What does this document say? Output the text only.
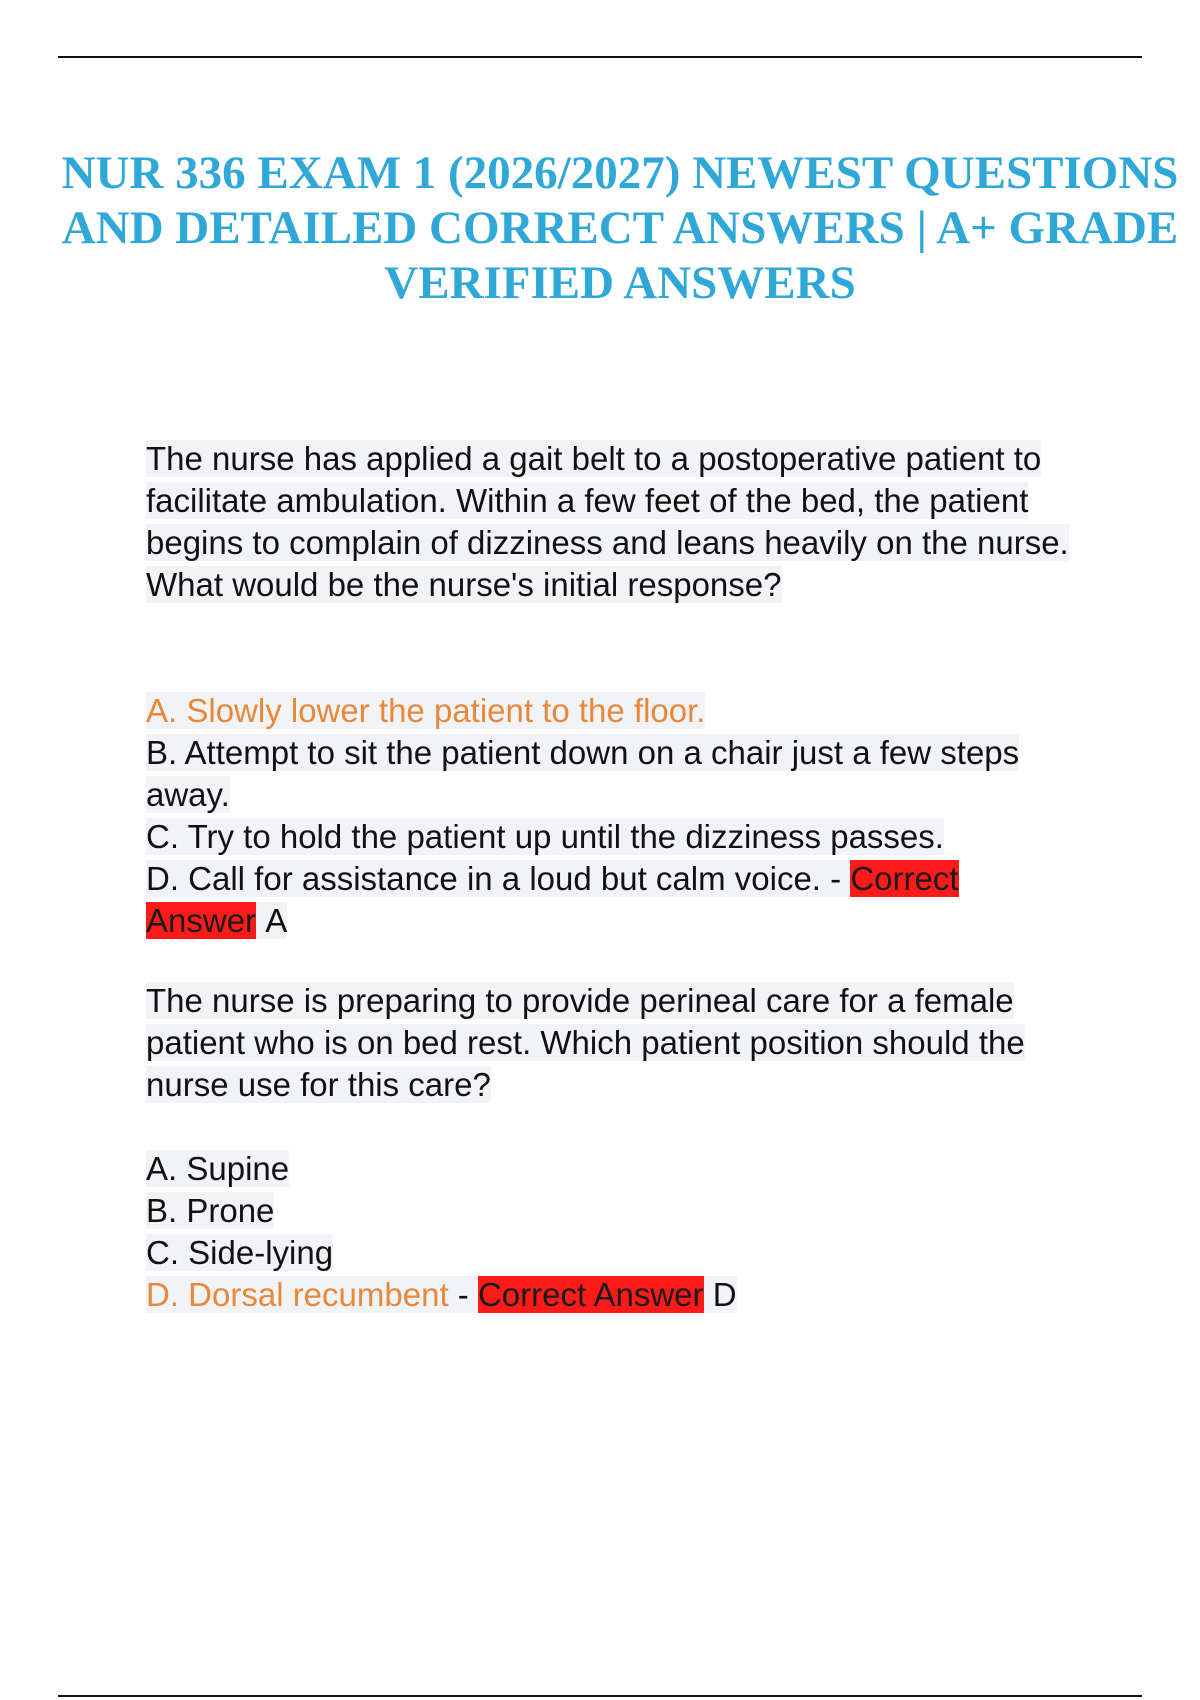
NUR 336 EXAM 1 (2026/2027) NEWEST QUESTIONS AND DETAILED CORRECT ANSWERS | A+ GRADE VERIFIED ANSWERS

The nurse has applied a gait belt to a postoperative patient to facilitate ambulation. Within a few feet of the bed, the patient begins to complain of dizziness and leans heavily on the nurse. What would be the nurse's initial response?

A. Slowly lower the patient to the floor.
B. Attempt to sit the patient down on a chair just a few steps away.
C. Try to hold the patient up until the dizziness passes.
D. Call for assistance in a loud but calm voice. - Correct Answer A

The nurse is preparing to provide perineal care for a female patient who is on bed rest. Which patient position should the nurse use for this care?

A. Supine
B. Prone
C. Side-lying
D. Dorsal recumbent - Correct Answer D
